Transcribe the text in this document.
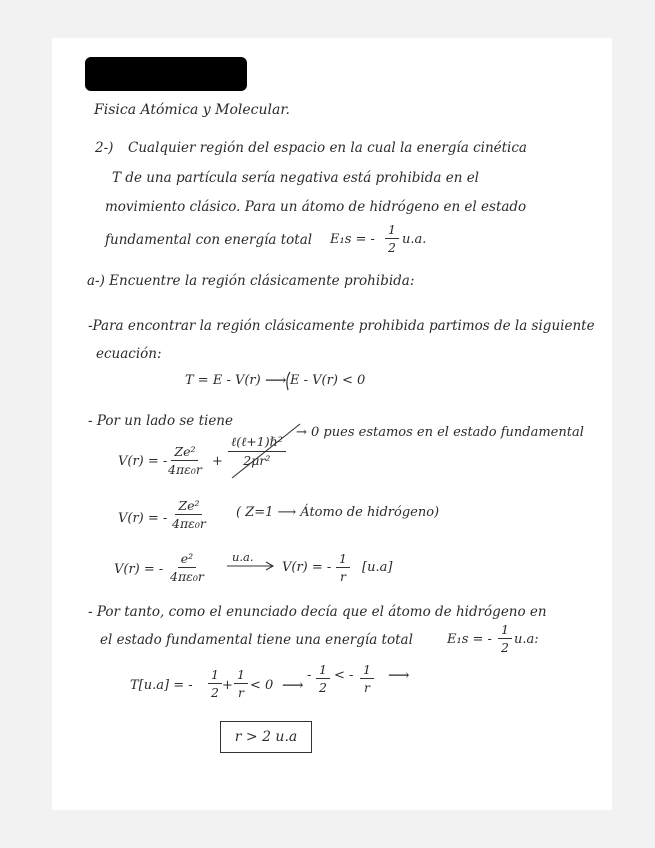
Fisica Atómica y Molecular.

2-) Cualquier región del espacio en la cual la energía cinética

T de una partícula sería negativa está prohibida en el

movimiento clásico. Para un átomo de hidrógeno en el estado

fundamental con energía total E₁s = - $\frac{1}{2} u.a$.

a-) Encuentre la región clásicamente prohibida:

-Para encontrar la región clásicamente prohibida partimos de la siguiente

ecuación:

T = E - V(r) ⟶ E - V(r) < 0

- Por un lado se tiene

V(r) = - $\frac{\text{Ze²}}{\text{4πε₀r}}$ +
ℓ(ℓ+1)ℏ²
2μr²
→ 0 pues estamos en el estado fundamental
V(r) = - $\frac{\text{Ze²}}{\text{4πε₀r}}$ ( Z=1 ⟶ Átomo de hidrógeno)
V(r) = - $\frac{\text{e²}}{\text{4πε₀r}} u.a$.
V(r) = - $\frac{1}{r} [u.a]$

- Por tanto, como el enunciado decía que el átomo de hidrógeno en

el estado fundamental tiene una energía total	E₁s = - $\frac{1}{2} u.a$:
T[u.a] = - $\frac{1}{2} + \frac{1}{r} < 0$ ⟶
- $\frac{1}{2}$ < - $\frac{1}{r}$ ⟶
r > 2 u.a
